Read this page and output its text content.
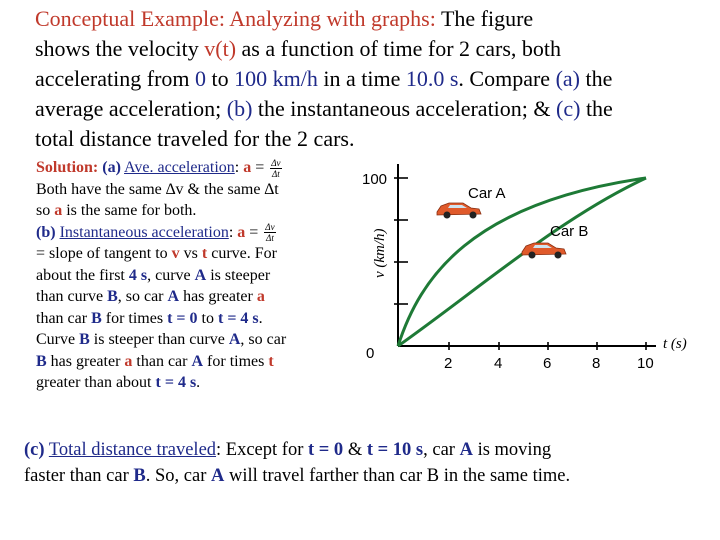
Conceptual Example: Analyzing with graphs: The figure
shows the velocity v(t) as a function of time for 2 cars, both
accelerating from 0 to 100 km/h in a time 10.0 s. Compare (a) the
average acceleration; (b) the instantaneous acceleration; & (c) the
total distance traveled for the 2 cars.
Solution: (a) Ave. acceleration: $a = \frac{\Delta v}{\Delta t}$
Both have the same ∆v & the same ∆t
so a is the same for both.
(b) Instantaneous acceleration: $a = \frac{\Delta v}{\Delta t}$
= slope of tangent to v vs t curve. For
about the first 4 s, curve A is steeper
than curve B, so car A has greater a
than car B for times t = 0 to t = 4 s.
Curve B is steeper than curve A, so car
B has greater a than car A for times t
greater than about t = 4 s.
100
v (km/h)
0
2	4	6	8 10
t (s)
Car A
Car B
(c) Total distance traveled: Except for t = 0 & t = 10 s, car A is moving
faster than car B. So, car A will travel farther than car B in the same time.
